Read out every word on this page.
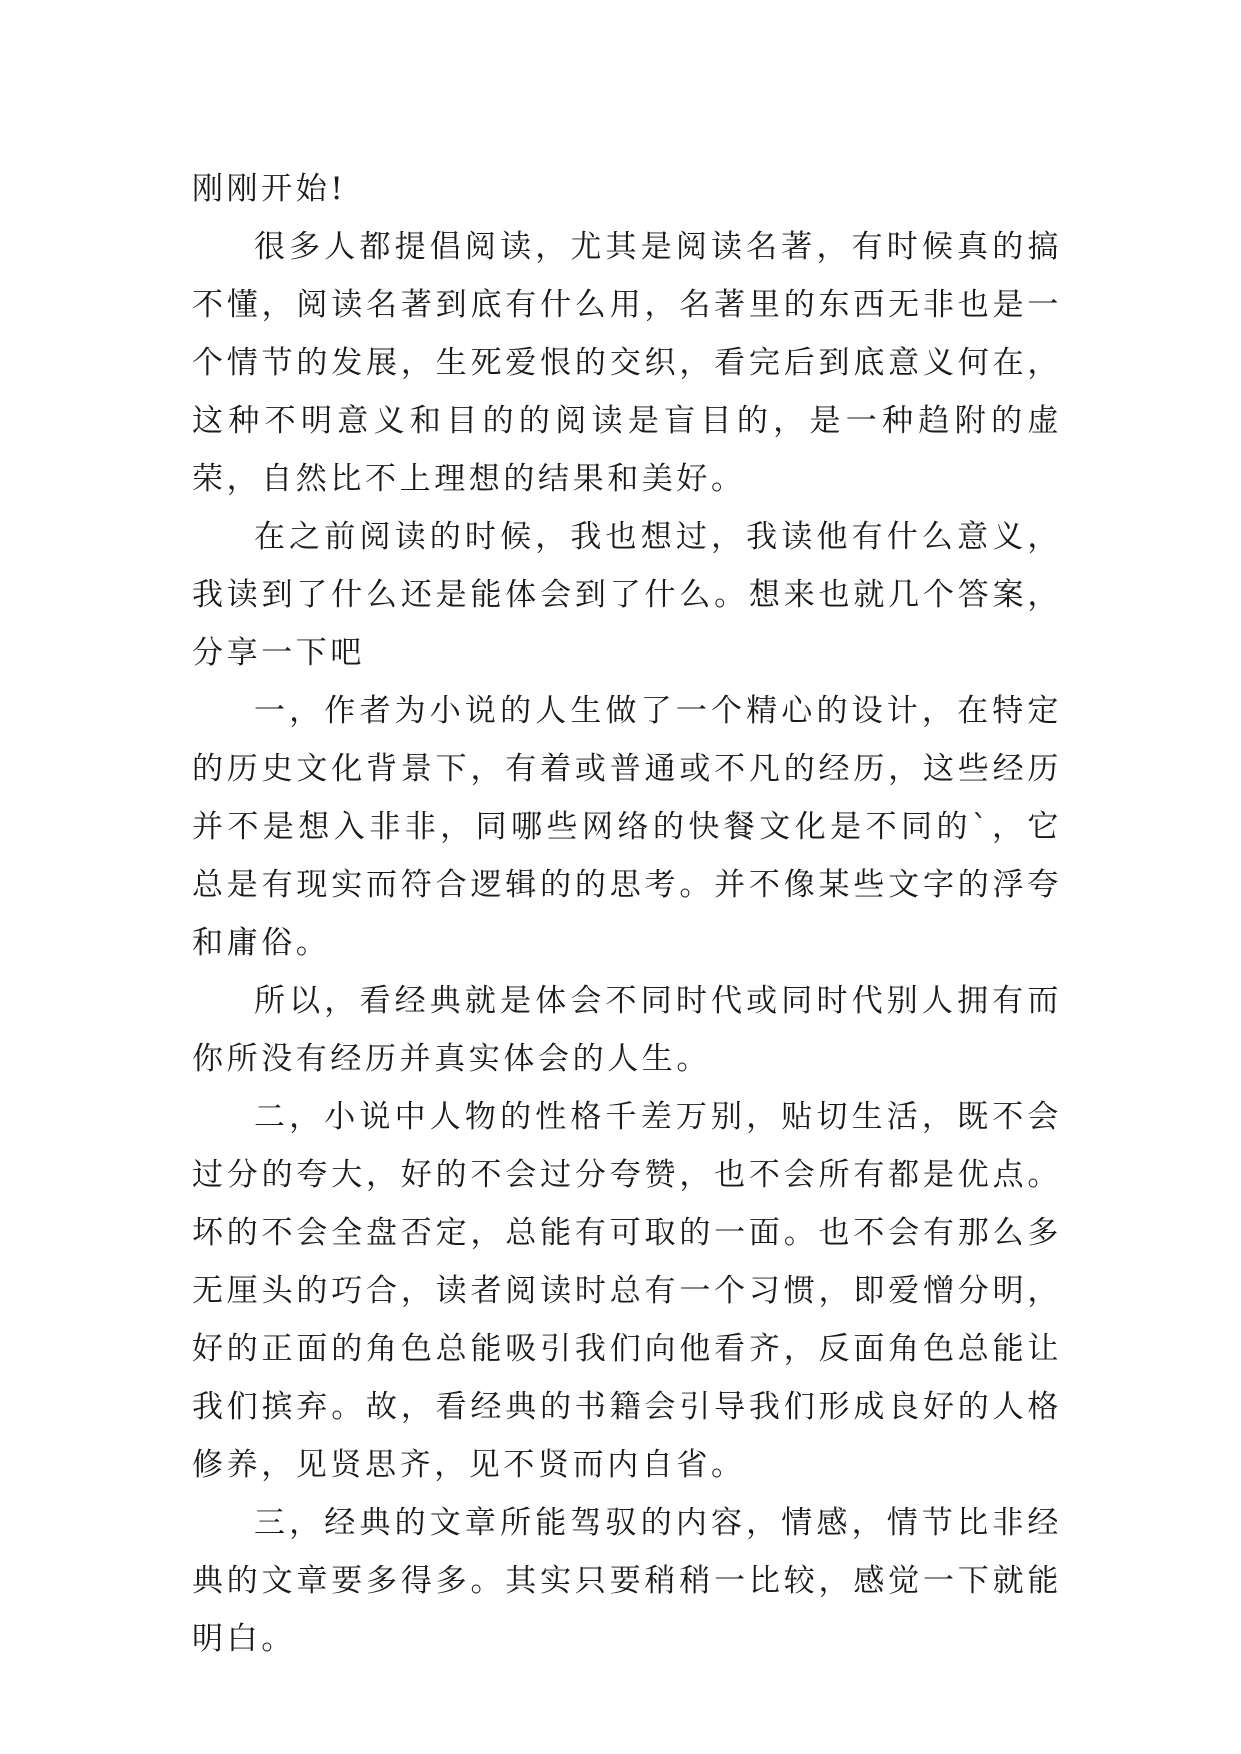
刚刚开始!

很多人都提倡阅读，尤其是阅读名著，有时候真的搞不懂，阅读名著到底有什么用，名著里的东西无非也是一个情节的发展，生死爱恨的交织，看完后到底意义何在，这种不明意义和目的的阅读是盲目的，是一种趋附的虚荣，自然比不上理想的结果和美好。

在之前阅读的时候，我也想过，我读他有什么意义，我读到了什么还是能体会到了什么。想来也就几个答案，分享一下吧

一，作者为小说的人生做了一个精心的设计，在特定的历史文化背景下，有着或普通或不凡的经历，这些经历并不是想入非非，同哪些网络的快餐文化是不同的`，它总是有现实而符合逻辑的的思考。并不像某些文字的浮夸和庸俗。

所以，看经典就是体会不同时代或同时代别人拥有而你所没有经历并真实体会的人生。

二，小说中人物的性格千差万别，贴切生活，既不会过分的夸大，好的不会过分夸赞，也不会所有都是优点。坏的不会全盘否定，总能有可取的一面。也不会有那么多无厘头的巧合，读者阅读时总有一个习惯，即爱憎分明，好的正面的角色总能吸引我们向他看齐，反面角色总能让我们摈弃。故，看经典的书籍会引导我们形成良好的人格修养，见贤思齐，见不贤而内自省。

三，经典的文章所能驾驭的内容，情感，情节比非经典的文章要多得多。其实只要稍稍一比较，感觉一下就能明白。
